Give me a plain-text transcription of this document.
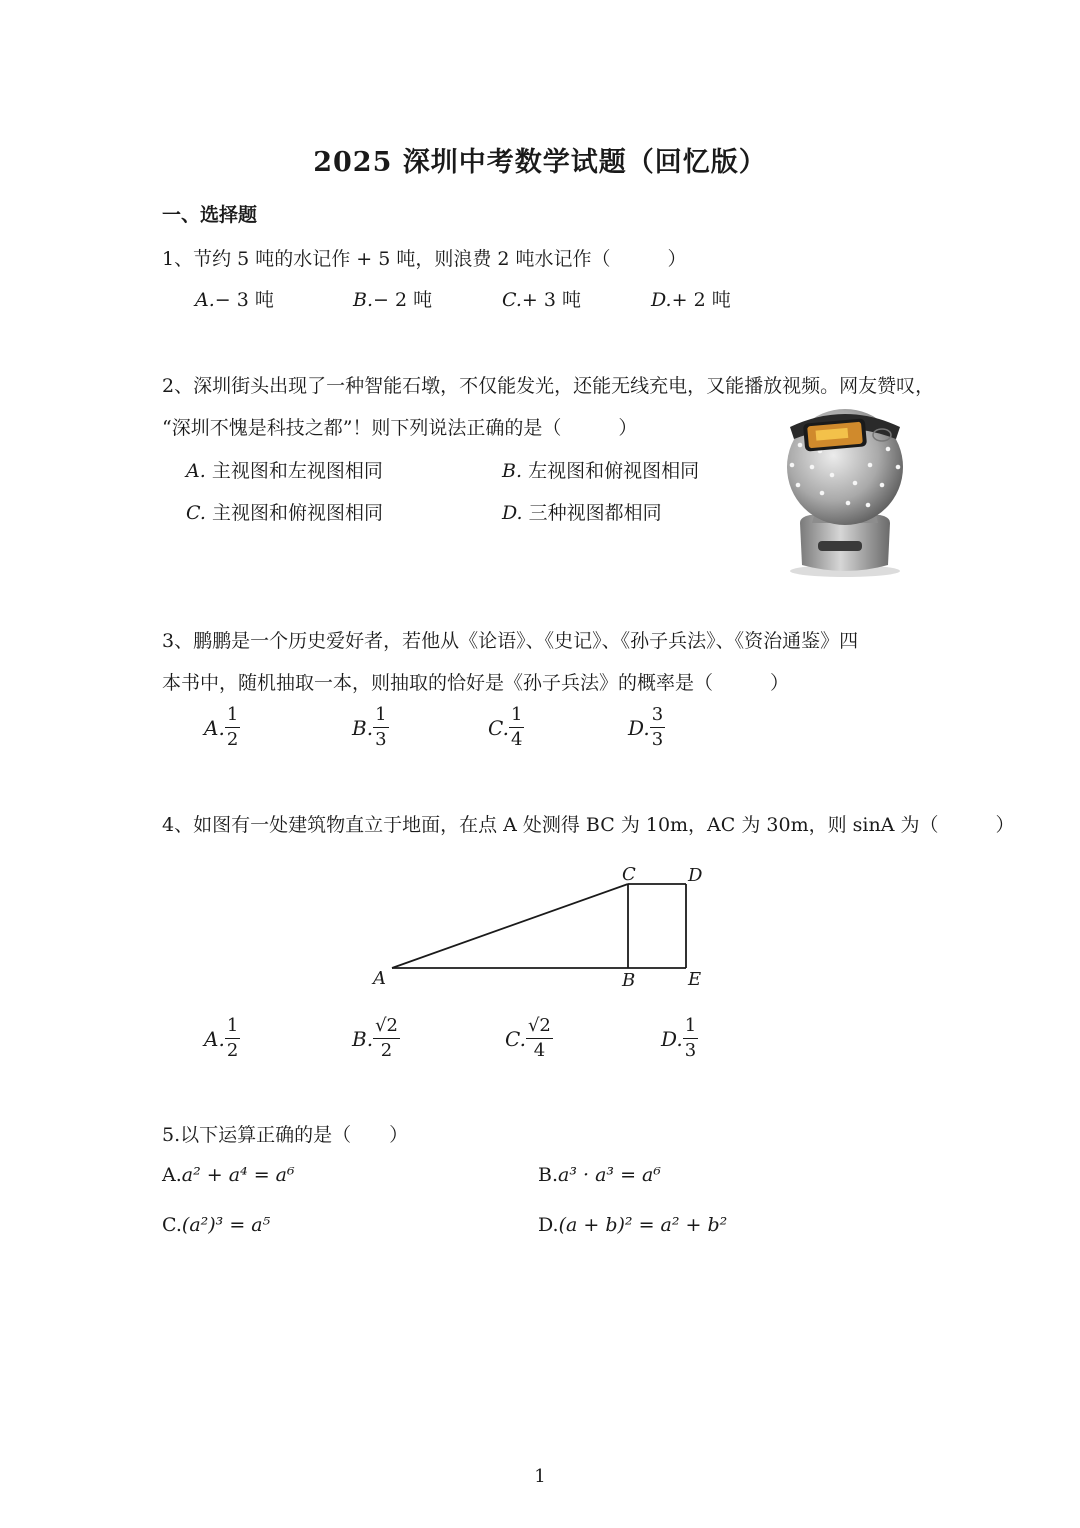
2025 深圳中考数学试题（回忆版）
一、选择题
1、节约 5 吨的水记作 + 5 吨，则浪费 2 吨水记作（　　　）
A.− 3 吨	B.− 2 吨	C.+ 3 吨	D.+ 2 吨
2、深圳街头出现了一种智能石墩，不仅能发光，还能无线充电，又能播放视频。网友赞叹，
“深圳不愧是科技之都”！则下列说法正确的是（　　　）
A. 主视图和左视图相同	B. 左视图和俯视图相同
C. 主视图和俯视图相同	D. 三种视图都相同
3、鹏鹏是一个历史爱好者，若他从《论语》、《史记》、《孙子兵法》、《资治通鉴》四
本书中，随机抽取一本，则抽取的恰好是《孙子兵法》的概率是（　　　）
A. $\frac{1}{2}$	B. $\frac{1}{3}$	C. $\frac{1}{4}$	D. $\frac{3}{3}$
4、如图有一处建筑物直立于地面，在点 A 处测得 BC 为 10m，AC 为 30m，则 sinA 为（　　　）
A	B
C	D
E
A. $\frac{1}{2}$	B. $\frac{√2}{2}$	C. $\frac{√2}{4}$	D. $\frac{1}{3}$
5.以下运算正确的是（　　）
A.a² + a⁴ = a⁶	B.a³ · a³ = a⁶
C.(a²)³ = a⁵	D.(a + b)² = a² + b²
1
